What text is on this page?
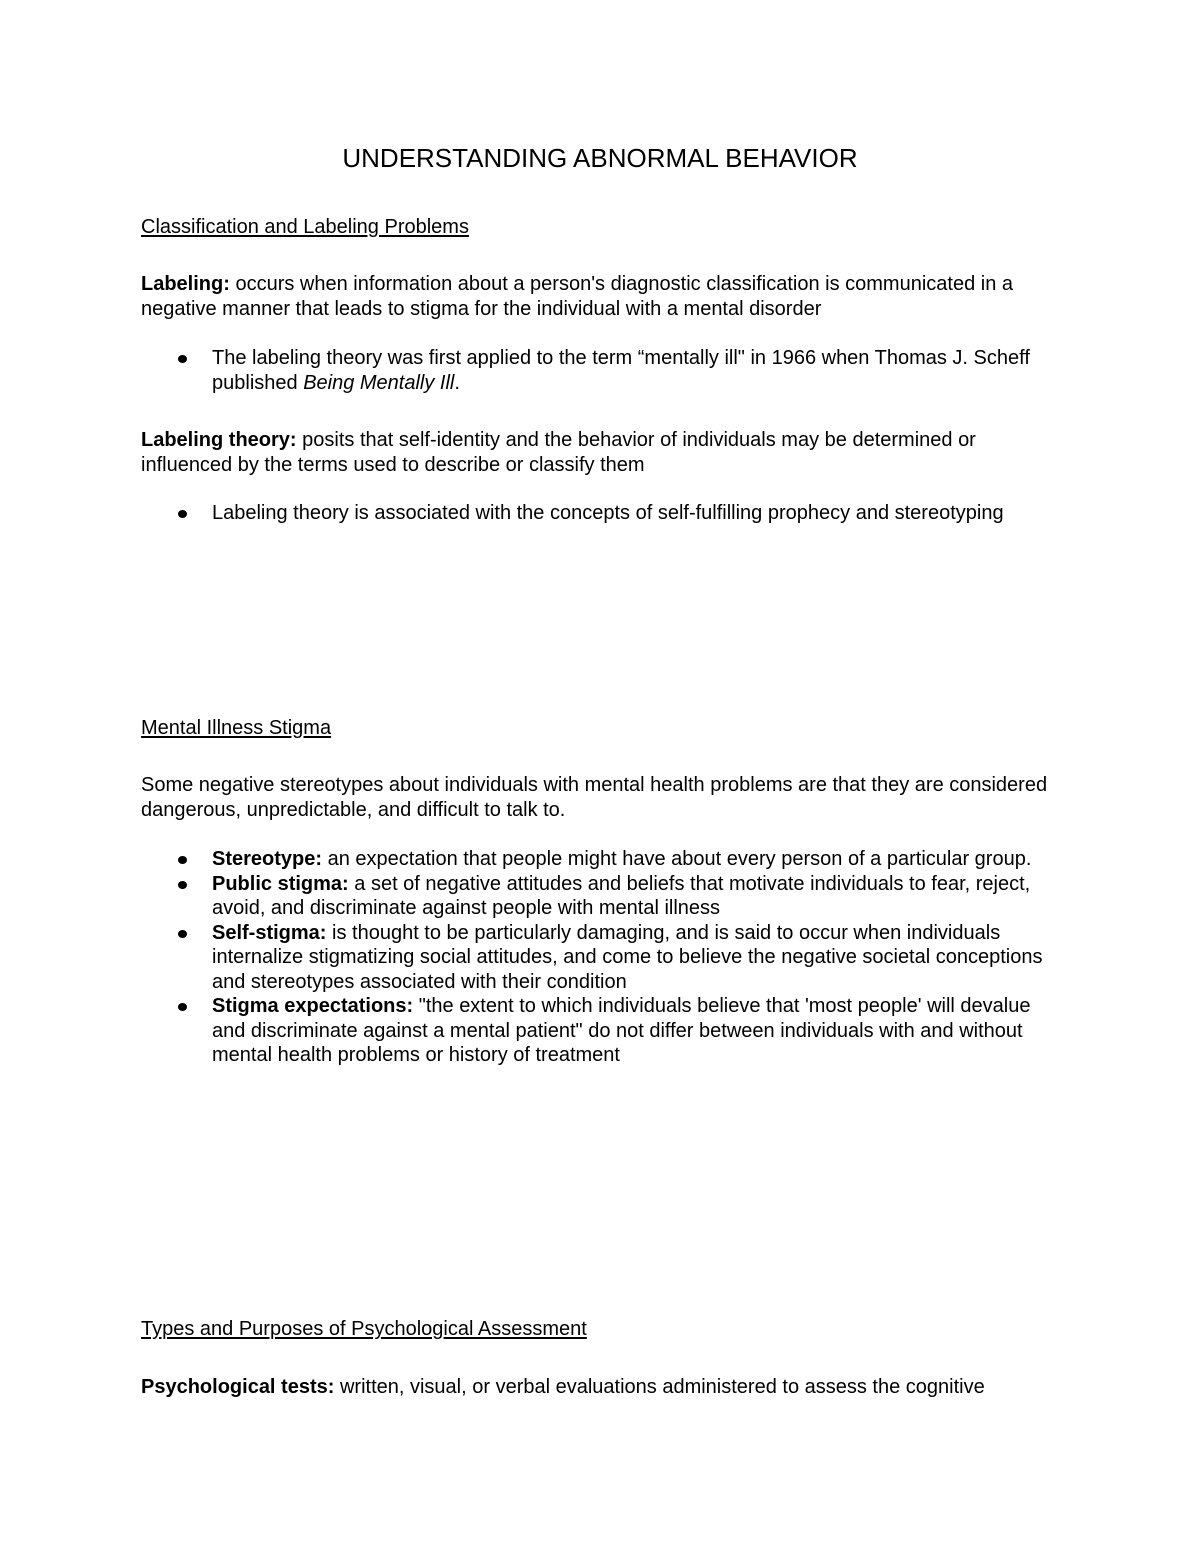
UNDERSTANDING ABNORMAL BEHAVIOR
Classification and Labeling Problems

Labeling: occurs when information about a person's diagnostic classification is communicated in a negative manner that leads to stigma for the individual with a mental disorder

The labeling theory was first applied to the term “mentally ill" in 1966 when Thomas J. Scheff published Being Mentally Ill.

Labeling theory: posits that self-identity and the behavior of individuals may be determined or influenced by the terms used to describe or classify them

Labeling theory is associated with the concepts of self-fulfilling prophecy and stereotyping
Mental Illness Stigma

Some negative stereotypes about individuals with mental health problems are that they are considered dangerous, unpredictable, and difficult to talk to.

Stereotype: an expectation that people might have about every person of a particular group.
Public stigma: a set of negative attitudes and beliefs that motivate individuals to fear, reject, avoid, and discriminate against people with mental illness
Self-stigma: is thought to be particularly damaging, and is said to occur when individuals internalize stigmatizing social attitudes, and come to believe the negative societal conceptions and stereotypes associated with their condition
Stigma expectations: "the extent to which individuals believe that 'most people' will devalue and discriminate against a mental patient" do not differ between individuals with and without mental health problems or history of treatment
Types and Purposes of Psychological Assessment

Psychological tests: written, visual, or verbal evaluations administered to assess the cognitive
